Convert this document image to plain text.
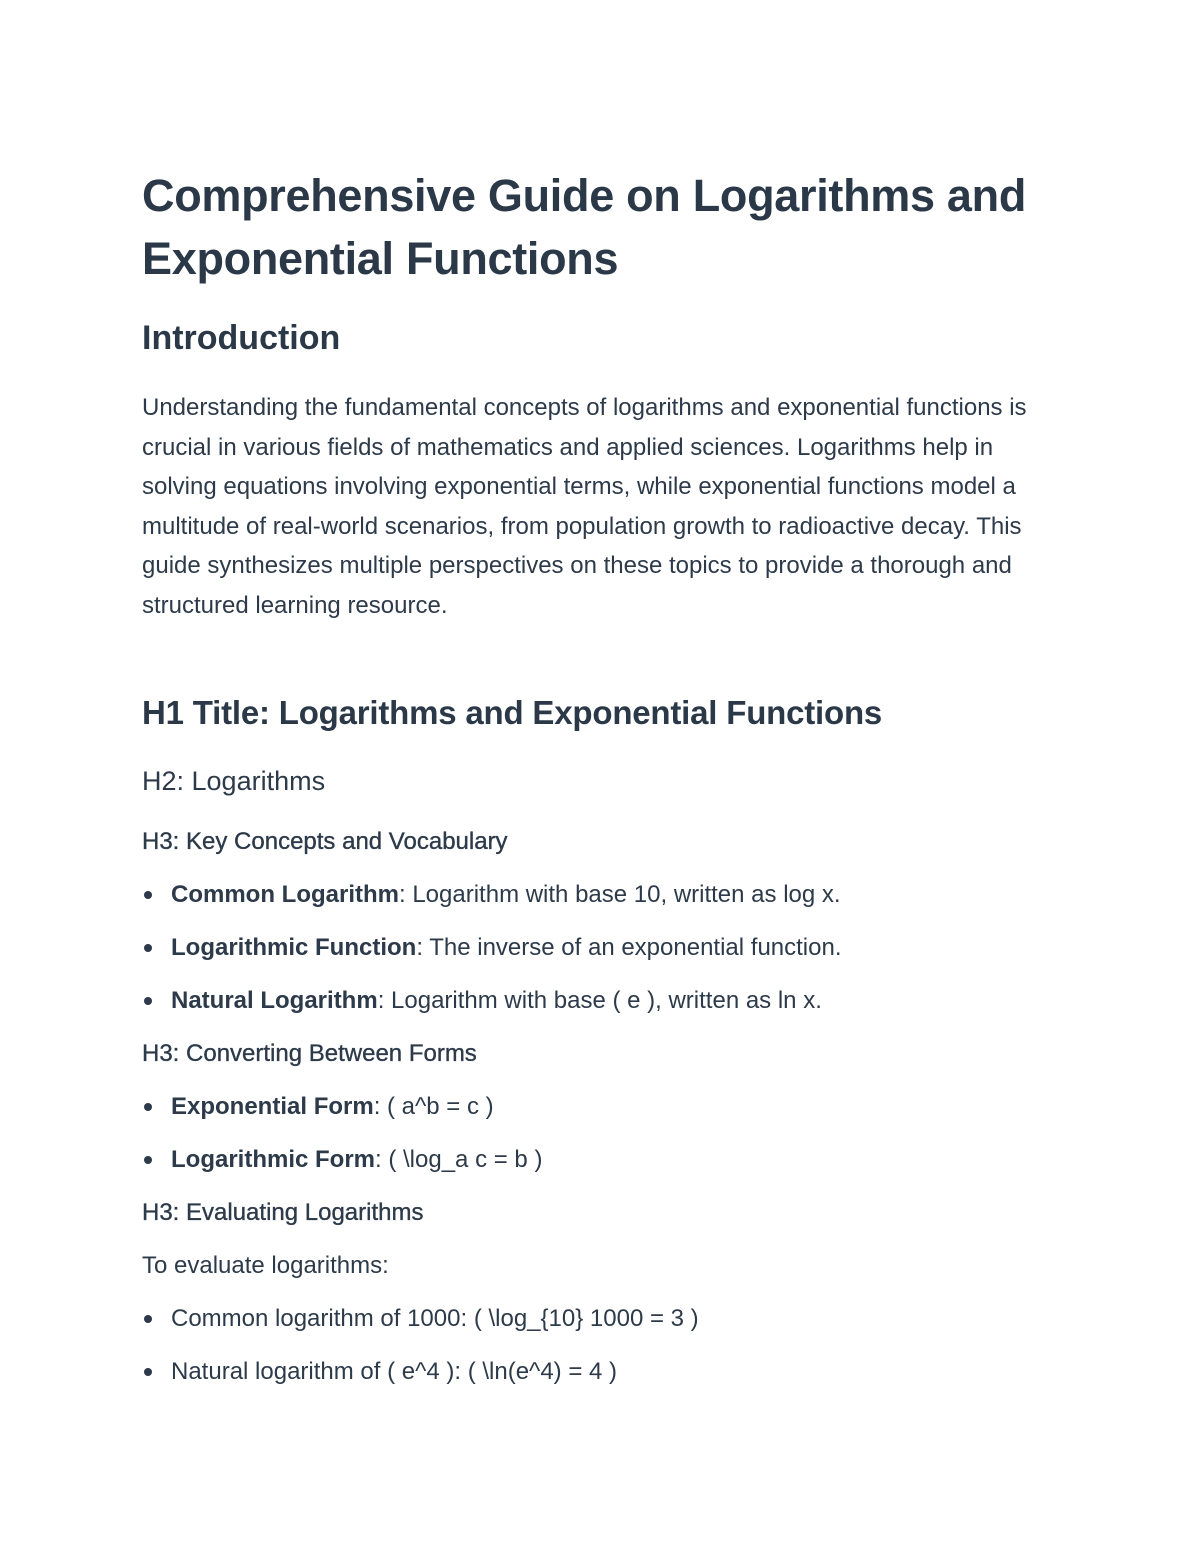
Comprehensive Guide on Logarithms and Exponential Functions
Introduction

Understanding the fundamental concepts of logarithms and exponential functions is crucial in various fields of mathematics and applied sciences. Logarithms help in solving equations involving exponential terms, while exponential functions model a multitude of real-world scenarios, from population growth to radioactive decay. This guide synthesizes multiple perspectives on these topics to provide a thorough and structured learning resource.

H1 Title: Logarithms and Exponential Functions
H2: Logarithms
H3: Key Concepts and Vocabulary
Common Logarithm: Logarithm with base 10, written as log x.
Logarithmic Function: The inverse of an exponential function.
Natural Logarithm: Logarithm with base ( e ), written as ln x.
H3: Converting Between Forms
Exponential Form: ( a^b = c )
Logarithmic Form: ( \log_a c = b )
H3: Evaluating Logarithms

To evaluate logarithms:

Common logarithm of 1000: ( \log_{10} 1000 = 3 )
Natural logarithm of ( e^4 ): ( \ln(e^4) = 4 )
